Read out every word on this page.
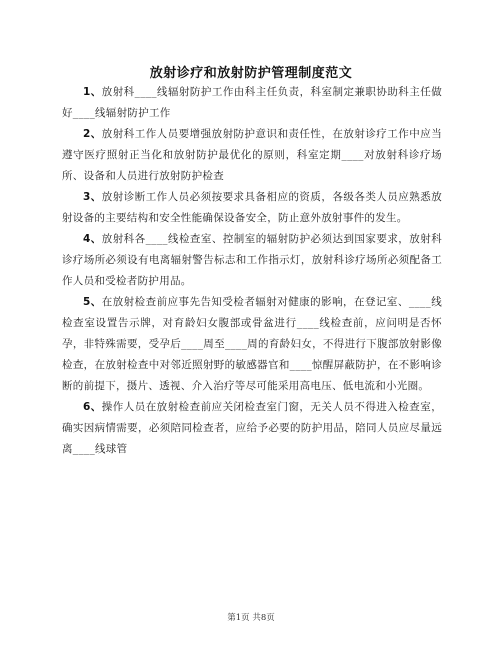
放射诊疗和放射防护管理制度范文

1、放射科____线辐射防护工作由科主任负责，科室制定兼职协助科主任做好____线辐射防护工作

2、放射科工作人员要增强放射防护意识和责任性，在放射诊疗工作中应当遵守医疗照射正当化和放射防护最优化的原则，科室定期____对放射科诊疗场所、设备和人员进行放射防护检查

3、放射诊断工作人员必须按要求具备相应的资质，各级各类人员应熟悉放射设备的主要结构和安全性能确保设备安全，防止意外放射事件的发生。

4、放射科各____线检查室、控制室的辐射防护必须达到国家要求，放射科诊疗场所必须设有电离辐射警告标志和工作指示灯，放射科诊疗场所必须配备工作人员和受检者防护用品。

5、在放射检查前应事先告知受检者辐射对健康的影响，在登记室、____线检查室设置告示牌，对育龄妇女腹部或骨盆进行____线检查前，应问明是否怀孕，非特殊需要，受孕后____周至____周的育龄妇女，不得进行下腹部放射影像检查，在放射检查中对邻近照射野的敏感器官和____惊醒屏蔽防护，在不影响诊断的前提下，摄片、透视、介入治疗等尽可能采用高电压、低电流和小光圈。

6、操作人员在放射检查前应关闭检查室门窗，无关人员不得进入检查室，确实因病情需要，必须陪同检查者，应给予必要的防护用品，陪同人员应尽量远离____线球管

第1页 共8页
